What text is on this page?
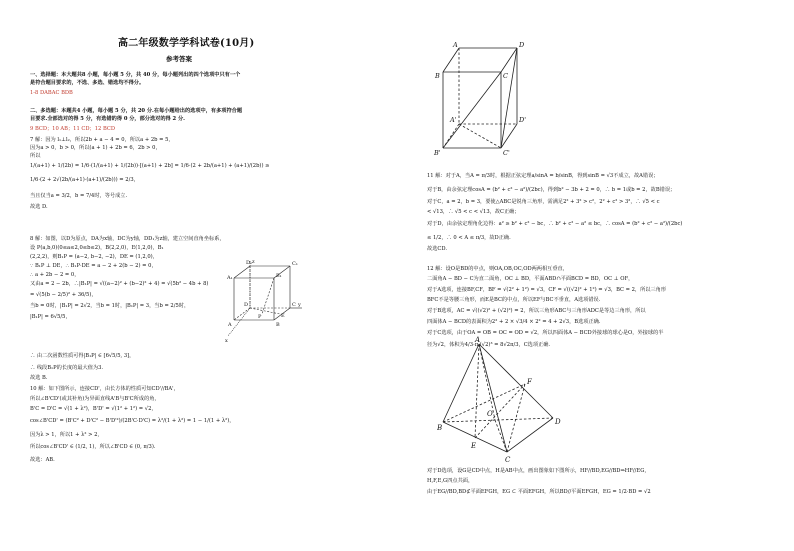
高二年级数学学科试卷(10月)
参考答案
一、选择题：本大题共8 小题，每小题 5 分，共 40 分，每小题列出的四个选项中只有一个
是符合题目要求的，不选、多选、错选均不得分。
1-8 DABAC BDB
二、多选题：本题共4 小题，每小题 5 分，共 20 分.在每小题给出的选项中，有多项符合题
目要求.全部选对的得 5 分，有选错的得 0 分，部分选对的得 2 分.
9 BCD；10 AB；11 CD；12 BCD
7 解：因为 l₁⊥l₂，所以2b + a − 4 = 0，所以a + 2b = 5，
因为a > 0，b > 0，所以(a + 1) + 2b = 6，2b > 0，
所以
1/(a+1) + 1/(2b) = 1/6·(1/(a+1) + 1/(2b))·[(a+1) + 2b] = 1/6·(2 + 2b/(a+1) + (a+1)/(2b)) ≥
1/6·(2 + 2√(2b/(a+1)·(a+1)/(2b))) = 2/3，
当且仅当a = 3/2，b = 7/4时，等号成立.
故选 D.
8 解：如图，以D为原点，DA为x轴，DC为y轴，DD₁为z轴，建立空间直角坐标系，
设 P(a,b,0)(0≤a≤2,0≤b≤2)，B(2,2,0)，E(1,2,0)，B₁
(2,2,2)，则B₁P = (a−2, b−2, −2)，DE = (1,2,0)，
∵ B₁P ⊥ DE，∴ B₁P·DE = a − 2 + 2(b − 2) = 0，
∴ a + 2b − 2 = 0，
又由a = 2 − 2b，∴|B₁P| = √((a−2)² + (b−2)² + 4) = √(5b² − 4b + 8)
= √(5(b − 2/5)² + 36/5)，
当b = 0时，|B₁P| = 2√2，当b = 1时，|B₁P| = 3，当b = 2/5时，
|B₁P| = 6√5/5，
∴ 由二次函数性质可得|B₁P| ∈ [6√5/5, 3]，
∴ 线段B₁P的长度的最大值为3.
故选 B.
10 解：如下图所示，连接CD'，由长方体的性质可知CD'//BA'，
所以∠B'CD'(或其补角)为异面直线A'B与B'C所成的角，
B'C = D'C = √(1 + λ²)，B'D' = √(1² + 1²) = √2，
cos∠B'CD' = (B'C² + D'C² − B'D'²)/(2B'C·D'C) = λ²/(1 + λ²) = 1 − 1/(1 + λ²)，
因为λ > 1，所以1 + λ² > 2，
所以cos∠B'CD' ∈ (1/2, 1)，所以∠B'CD ∈ (0, π/3).
故选：AB.
D₁	C₁
A₁	B₁
D	C
A	B
E
P
x
y
z
A	D
B	C
A'	D'
B'	C'
11 解：对于A，当A = π/3时，根据正弦定理a/sinA = b/sinB，得到sinB = √3不成立，故A错误；
对于B，由余弦定理cosA = (b² + c² − a²)/(2bc)，得到b² − 3b + 2 = 0，∴ b = 1或b = 2，故B错误；
对于C，a = 2，b = 3，要使△ABC是锐角三角形，需满足2² + 3² > c²，2² + c² > 3²，∴ √5 < c
< √13，∴ √5 < c < √13，故C正确；
对于D，由余弦定理角化边得：a² ≥ b² + c² − bc，∴ b² + c² − a² ≤ bc，∴ cosA = (b² + c² − a²)/(2bc)
≤ 1/2，∴ 0 < A ≤ π/3，故D正确.
故选CD.
12 解：设O是BD的中点，则OA,OB,OC,OD两两相互垂直，
二面角A − BD − C为直二面角，OC ⊥ BD，平面ABD∩平面BCD = BD，OC ⊥ OF，
对于A选项，连接BF,CF，BF = √(2² + 1²) = √3，CF = √((√2)² + 1²) = √3，BC = 2，所以三角形
BFC不是等腰三角形，而E是BC的中点，所以EF与BC不垂直，A选项错误.
对于B选项，AC = √((√2)² + (√2)²) = 2，所以三角形ABC与三角形ADC是等边三角形，所以
四面体A − BCD的表面积为2² + 2 × √3/4 × 2² = 4 + 2√3，B选项正确.
对于C选项，由于OA = OB = OC = OD = √2，所以四面体A − BCD外接球的球心是O，外接球的半
径为√2，体积为4/3·π·(√2)³ = 8√2π/3，C选项正确.
A
B
C
D
E
F
O
对于D选项，设G是CD中点，H是AB中点，画出图象如下图所示，HF//BD,EG//BD⇒HF//EG，
H,F,E,G四点共面，
由于EG//BD,BD⊄平面EFGH，EG ⊂ 平面EFGH，所以BD//平面EFGH，EG = 1/2·BD = √2
